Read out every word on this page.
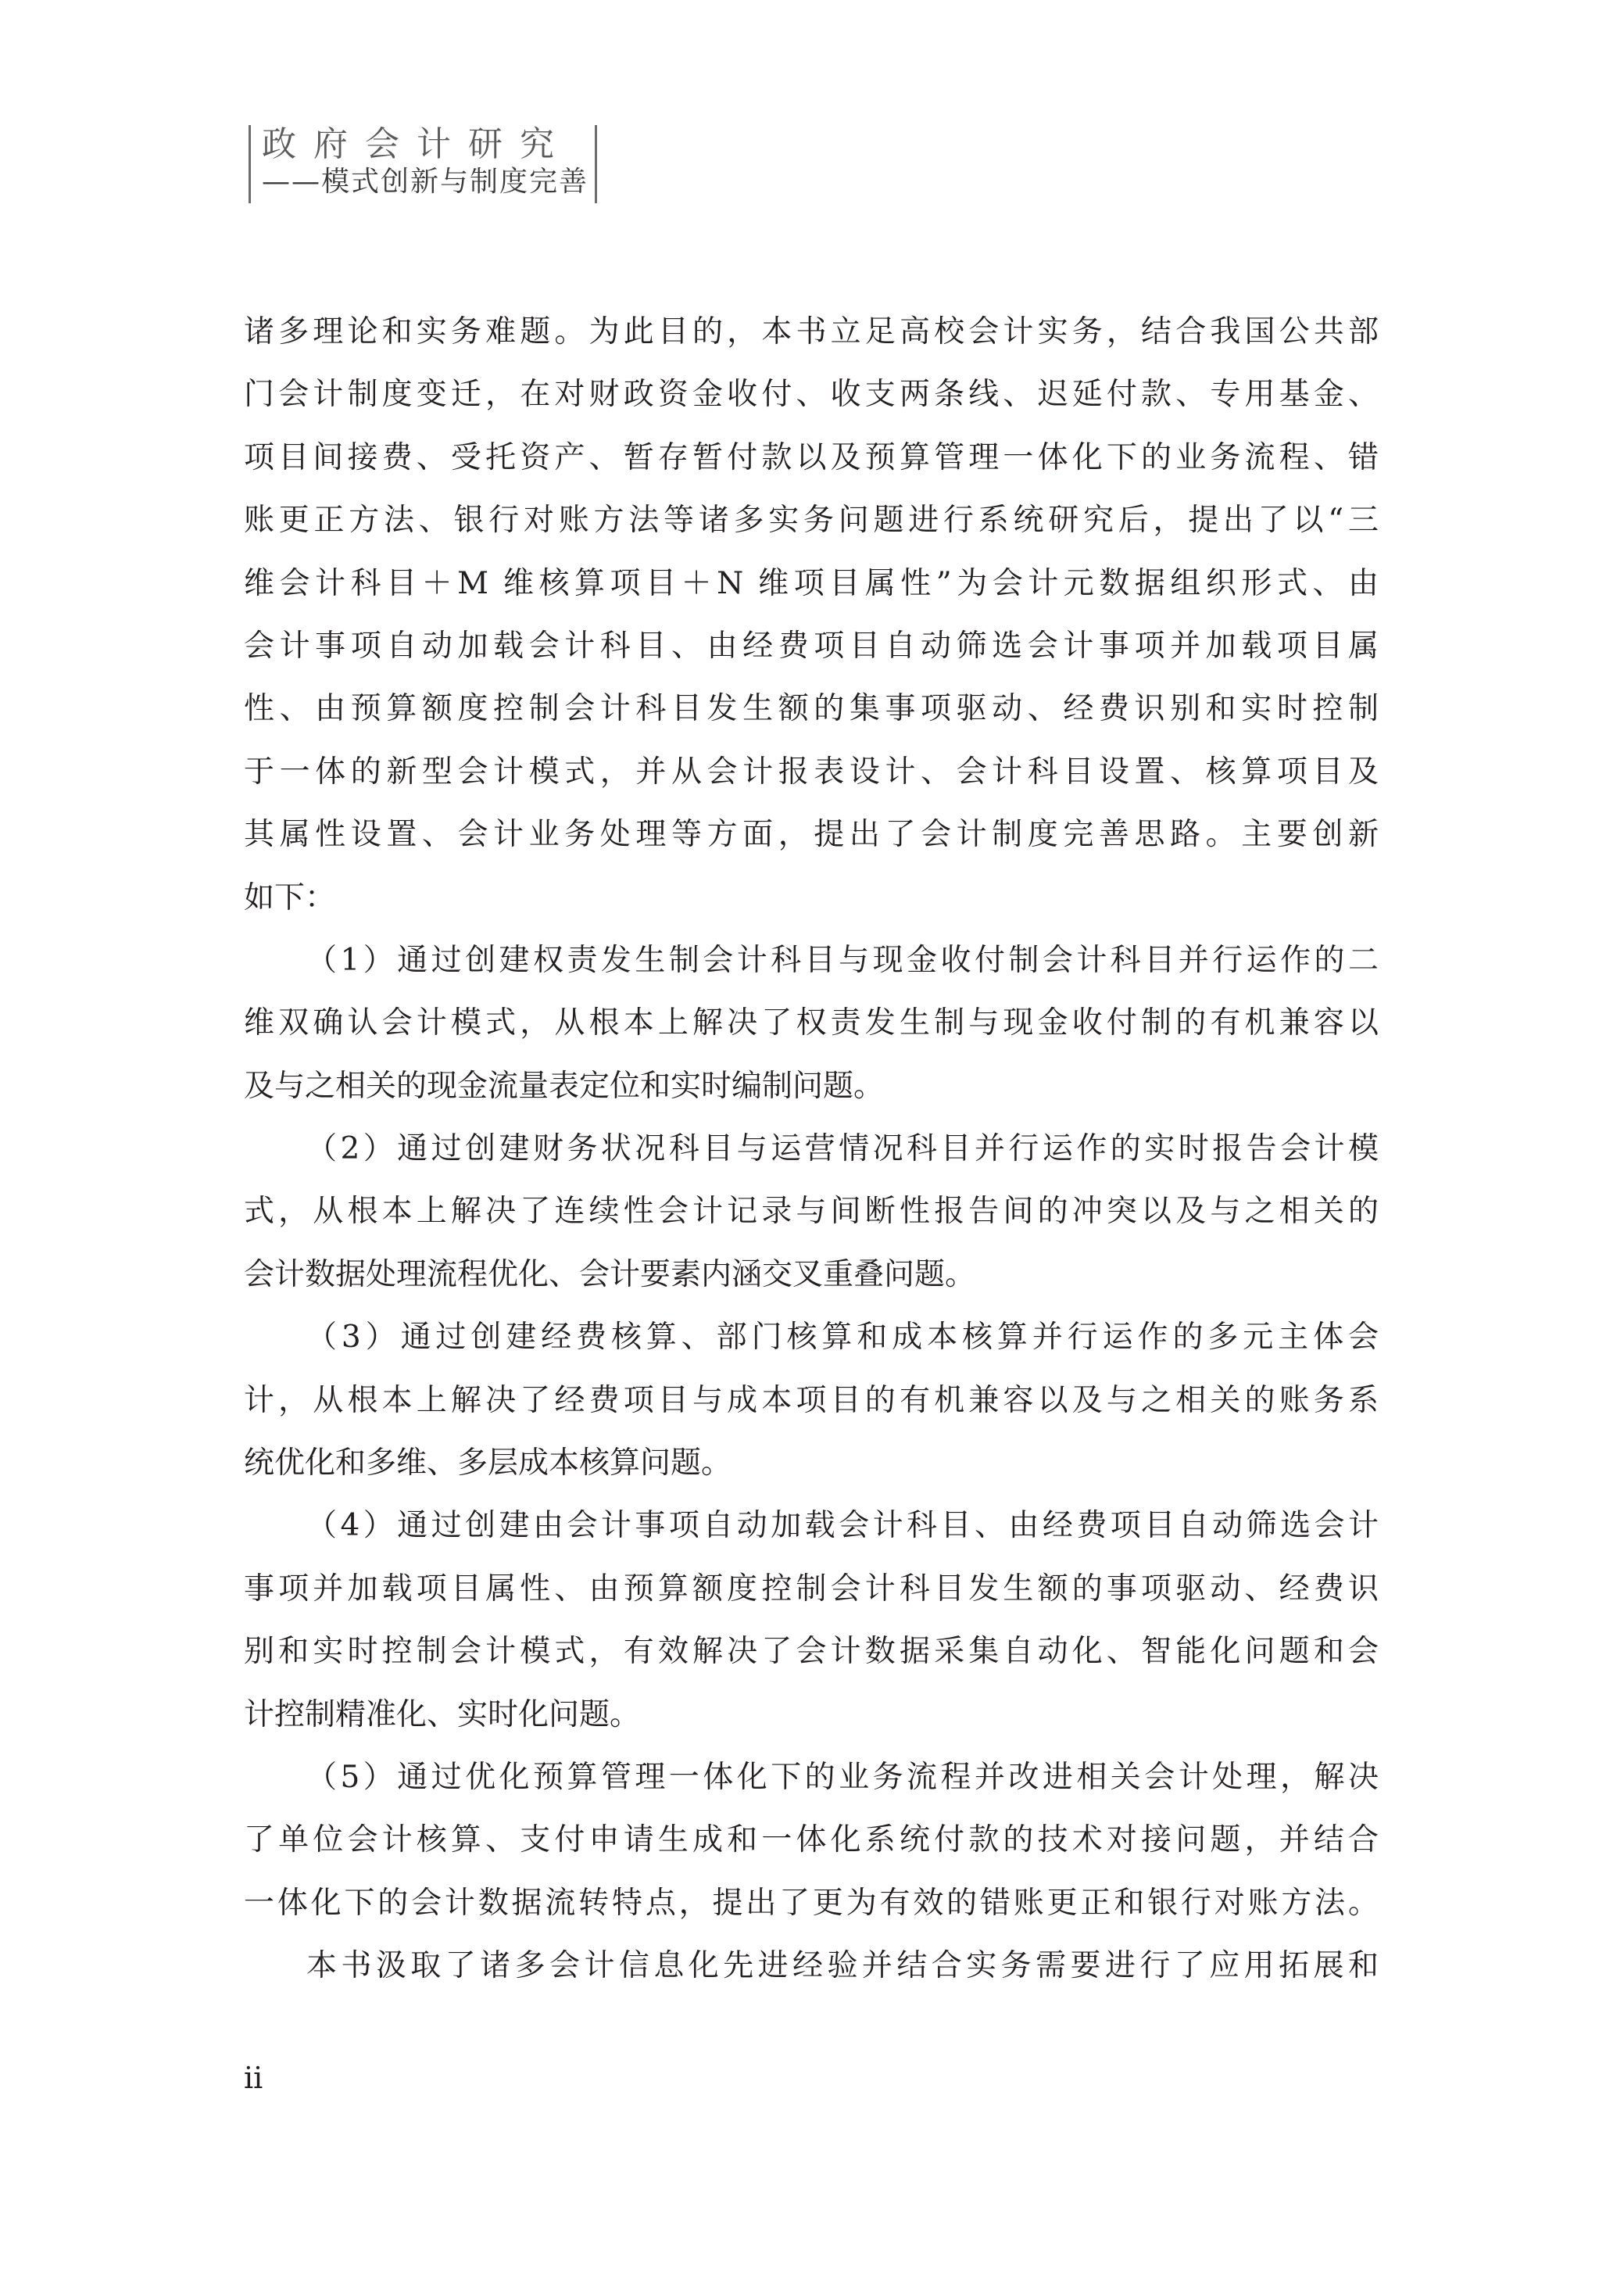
政府会计研究
——模式创新与制度完善
诸多理论和实务难题。为此目的，本书立足高校会计实务，结合我国公共部
门会计制度变迁，在对财政资金收付、收支两条线、迟延付款、专用基金、
项目间接费、受托资产、暂存暂付款以及预算管理一体化下的业务流程、错
账更正方法、银行对账方法等诸多实务问题进行系统研究后，提出了以“三
维会计科目＋M 维核算项目＋N 维项目属性”为会计元数据组织形式、由
会计事项自动加载会计科目、由经费项目自动筛选会计事项并加载项目属
性、由预算额度控制会计科目发生额的集事项驱动、经费识别和实时控制
于一体的新型会计模式，并从会计报表设计、会计科目设置、核算项目及
其属性设置、会计业务处理等方面，提出了会计制度完善思路。主要创新
如下：
（1）通过创建权责发生制会计科目与现金收付制会计科目并行运作的二
维双确认会计模式，从根本上解决了权责发生制与现金收付制的有机兼容以
及与之相关的现金流量表定位和实时编制问题。
（2）通过创建财务状况科目与运营情况科目并行运作的实时报告会计模
式，从根本上解决了连续性会计记录与间断性报告间的冲突以及与之相关的
会计数据处理流程优化、会计要素内涵交叉重叠问题。
（3）通过创建经费核算、部门核算和成本核算并行运作的多元主体会
计，从根本上解决了经费项目与成本项目的有机兼容以及与之相关的账务系
统优化和多维、多层成本核算问题。
（4）通过创建由会计事项自动加载会计科目、由经费项目自动筛选会计
事项并加载项目属性、由预算额度控制会计科目发生额的事项驱动、经费识
别和实时控制会计模式，有效解决了会计数据采集自动化、智能化问题和会
计控制精准化、实时化问题。
（5）通过优化预算管理一体化下的业务流程并改进相关会计处理，解决
了单位会计核算、支付申请生成和一体化系统付款的技术对接问题，并结合
一体化下的会计数据流转特点，提出了更为有效的错账更正和银行对账方法。
本书汲取了诸多会计信息化先进经验并结合实务需要进行了应用拓展和
ii
